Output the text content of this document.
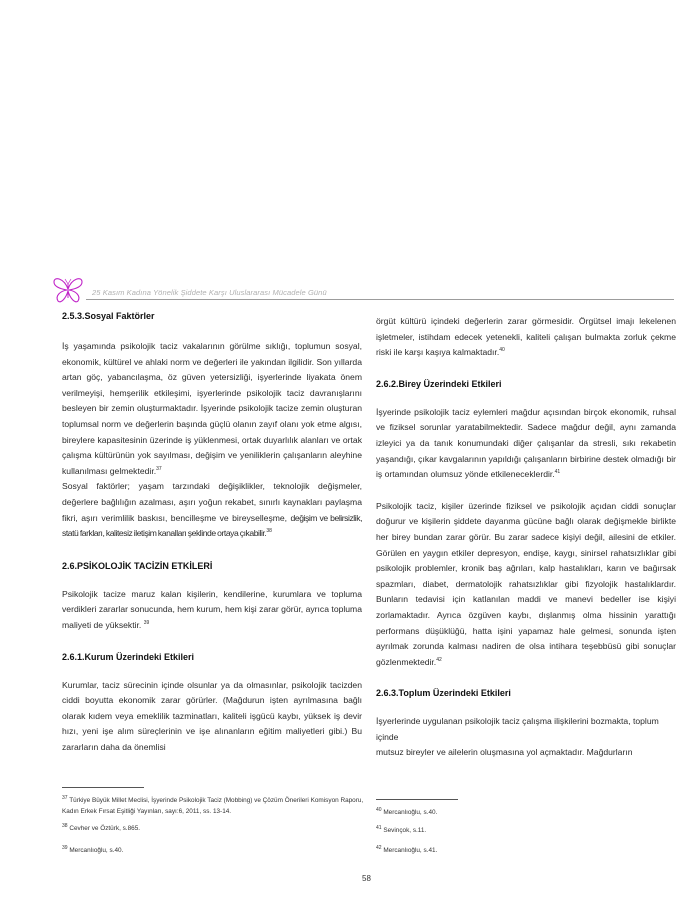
25 Kasım Kadına Yönelik Şiddete Karşı Uluslararası Mücadele Günü
2.5.3.Sosyal Faktörler

İş yaşamında psikolojik taciz vakalarının görülme sıklığı, toplumun sosyal, ekonomik, kültürel ve ahlaki norm ve değerleri ile yakından ilgilidir. Son yıllarda artan göç, yabancılaşma, öz güven yetersizliği, işyerlerinde liyakata önem verilmeyişi, hemşerilik etkileşimi, işyerlerinde psikolojik taciz davranışlarını besleyen bir zemin oluşturmaktadır. İşyerinde psikolojik tacize zemin oluşturan toplumsal norm ve değerlerin başında güçlü olanın zayıf olanı yok etme algısı, bireylere kapasitesinin üzerinde iş yüklenmesi, ortak duyarlılık alanları ve ortak çalışma kültürünün yok sayılması, değişim ve yeniliklerin çalışanların aleyhine kullanılması gelmektedir.$^{37}$

Sosyal faktörler; yaşam tarzındaki değişiklikler, teknolojik değişmeler, değerlere bağlılığın azalması, aşırı yoğun rekabet, sınırlı kaynakları paylaşma fikri, aşırı verimlilik baskısı, bencilleşme ve bireyselleşme, değişim ve belirsizlik, statü farkları, kalitesiz iletişim kanalları şeklinde ortaya çıkabilir.$^{38}$

2.6.PSİKOLOJİK TACİZİN ETKİLERİ

Psikolojik tacize maruz kalan kişilerin, kendilerine, kurumlara ve topluma verdikleri zararlar sonucunda, hem kurum, hem kişi zarar görür, ayrıca topluma maliyeti de yüksektir. $^{39}$

2.6.1.Kurum Üzerindeki Etkileri

Kurumlar, taciz sürecinin içinde olsunlar ya da olmasınlar, psikolojik tacizden ciddi boyutta ekonomik zarar görürler. (Mağdurun işten ayrılmasına bağlı olarak kıdem veya emeklilik tazminatları, kaliteli işgücü kaybı, yüksek iş devir hızı, yeni işe alım süreçlerinin ve işe alınanların eğitim maliyetleri gibi.) Bu zararların daha da önemlisi

$^{37}$ Türkiye Büyük Millet Meclisi, İşyerinde Psikolojik Taciz (Mobbing) ve Çözüm Önerileri Komisyon Raporu, Kadın Erkek Fırsat Eşitliği Yayınları, sayı:6, 2011, ss. 13-14.
$^{38}$ Cevher ve Öztürk, s.865.
$^{39}$ Mercanlıoğlu, s.40.

örgüt kültürü içindeki değerlerin zarar görmesidir. Örgütsel imajı lekelenen işletmeler, istihdam edecek yetenekli, kaliteli çalışan bulmakta zorluk çekme riski ile karşı kaşıya kalmaktadır.$^{40}$

2.6.2.Birey Üzerindeki Etkileri

İşyerinde psikolojik taciz eylemleri mağdur açısından birçok ekonomik, ruhsal ve fiziksel sorunlar yaratabilmektedir. Sadece mağdur değil, aynı zamanda izleyici ya da tanık konumundaki diğer çalışanlar da stresli, sıkı rekabetin yaşandığı, çıkar kavgalarının yapıldığı çalışanların birbirine destek olmadığı bir iş ortamından olumsuz yönde etkileneceklerdir.$^{41}$

Psikolojik taciz, kişiler üzerinde fiziksel ve psikolojik açıdan ciddi sonuçlar doğurur ve kişilerin şiddete dayanma gücüne bağlı olarak değişmekle birlikte her birey bundan zarar görür. Bu zarar sadece kişiyi değil, ailesini de etkiler. Görülen en yaygın etkiler depresyon, endişe, kaygı, sinirsel rahatsızlıklar gibi psikolojik problemler, kronik baş ağrıları, kalp hastalıkları, karın ve bağırsak spazmları, diabet, dermatolojik rahatsızlıklar gibi fizyolojik hastalıklardır. Bunların tedavisi için katlanılan maddi ve manevi bedeller ise kişiyi zorlamaktadır. Ayrıca özgüven kaybı, dışlanmış olma hissinin yarattığı performans düşüklüğü, hatta işini yapamaz hale gelmesi, sonunda işten ayrılmak zorunda kalması nadiren de olsa intihara teşebbüsü gibi sonuçlar gözlenmektedir.$^{42}$

2.6.3.Toplum Üzerindeki Etkileri

İşyerlerinde uygulanan psikolojik taciz çalışma ilişkilerini bozmakta, toplum içinde
mutsuz bireyler ve ailelerin oluşmasına yol açmaktadır. Mağdurların

$^{40}$ Mercanlıoğlu, s.40.
$^{41}$ Sevinçok, s.11.
$^{42}$ Mercanlıoğlu, s.41.
58
